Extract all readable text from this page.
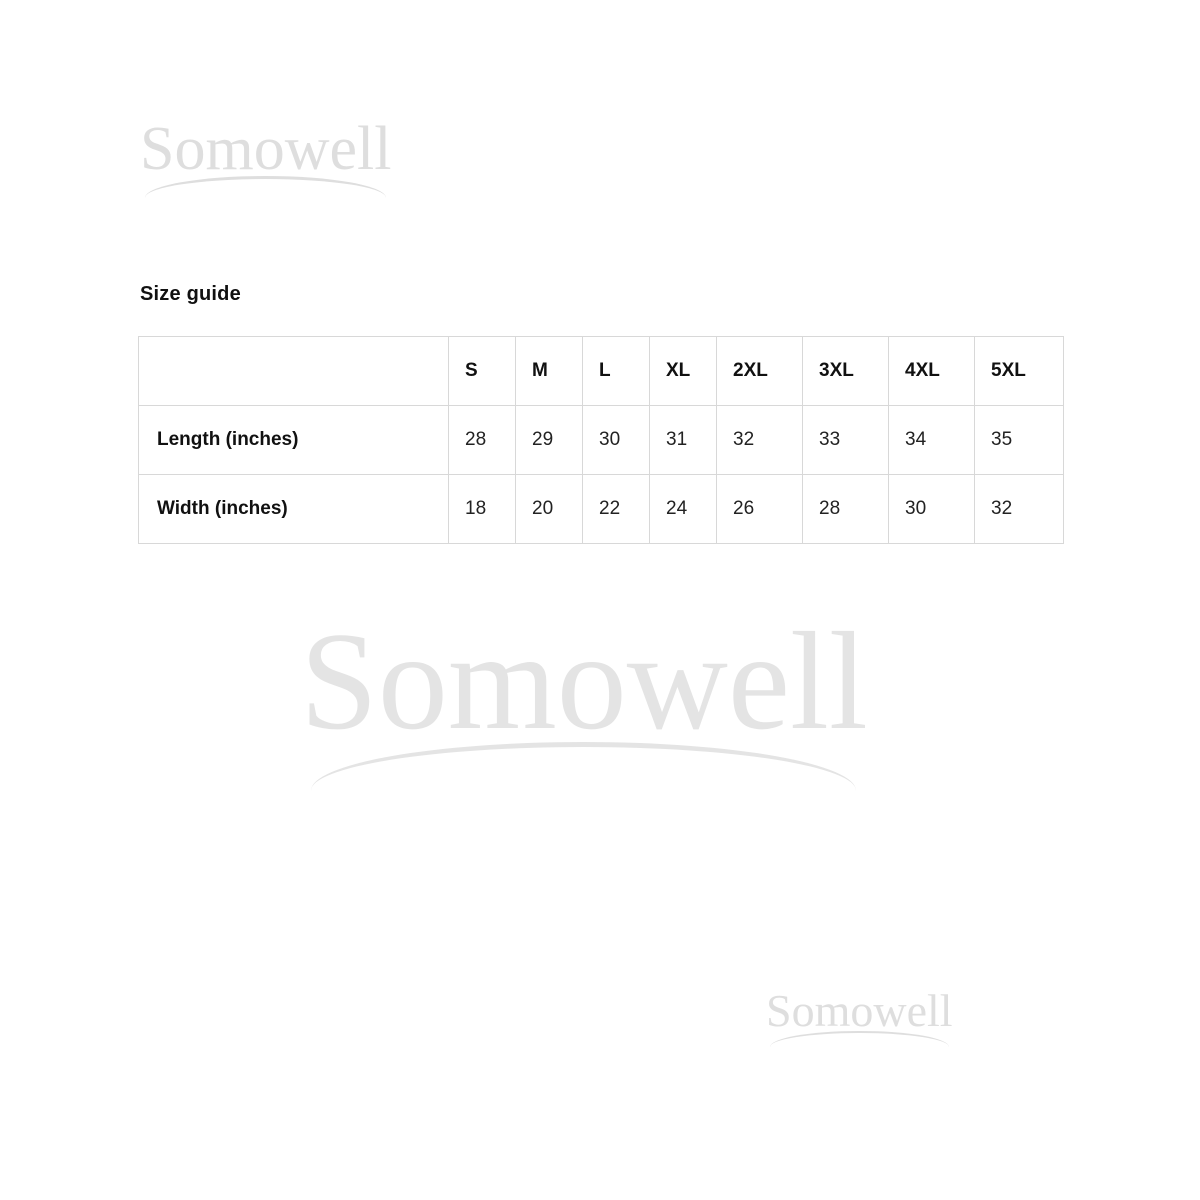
Somowell
Somowell
Somowell
Size guide
	S	M	L	XL	2XL	3XL	4XL	5XL
Length (inches)	28	29	30	31	32	33	34	35
Width (inches)	18	20	22	24	26	28	30	32
